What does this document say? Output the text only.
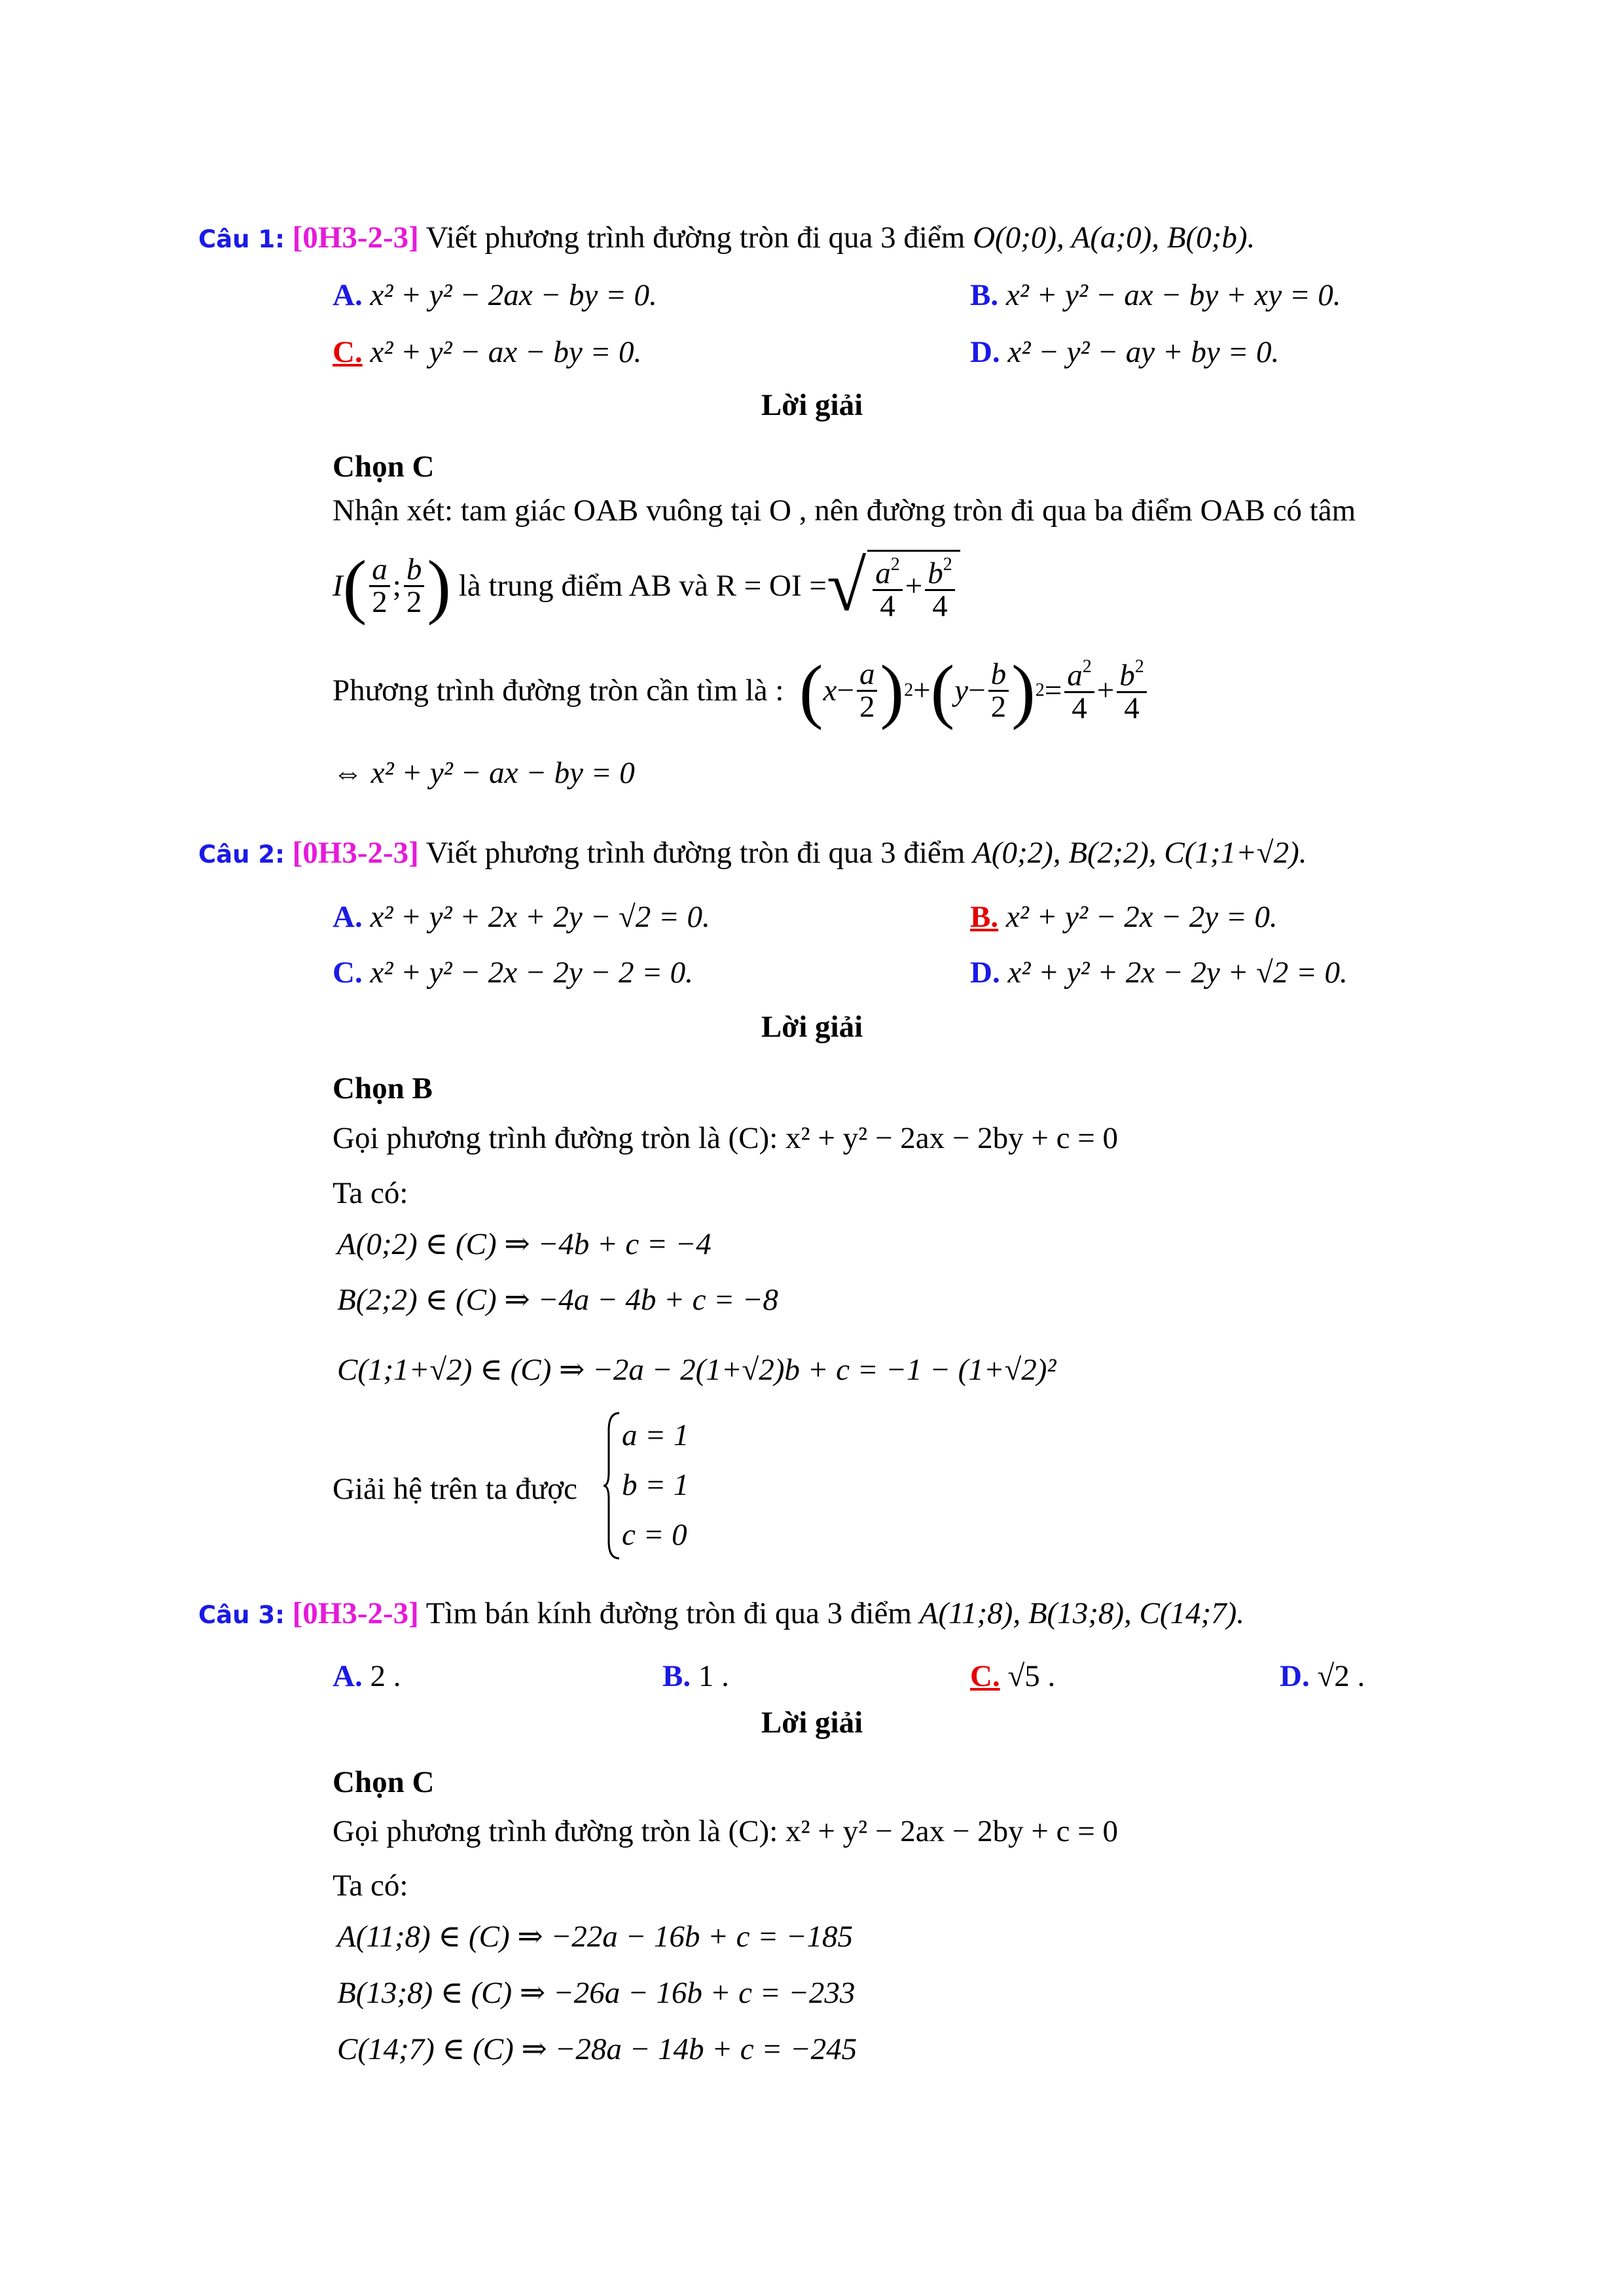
Câu 1: [0H3-2-3] Viết phương trình đường tròn đi qua 3 điểm O(0;0), A(a;0), B(0;b).
A. x² + y² − 2ax − by = 0.	B. x² + y² − ax − by + xy = 0.
C. x² + y² − ax − by = 0.	D. x² − y² − ay + by = 0.
Lời giải
Chọn C
Nhận xét: tam giác OAB vuông tại O , nên đường tròn đi qua ba điểm OAB có tâm
I ( $\frac{a}{2}$ ; $\frac{b}{2}$ )
là trung điểm AB và R = OI = √ $\frac{a^2}{4} + \frac{b^2}{4}$
Phương trình đường tròn cần tìm là :
( $x - \frac{a}{2}$ ) 2 + ( $y - \frac{b}{2}$ ) $2 = \frac{a^2}{4} + \frac{b^2}{4}$
⇔ x² + y² − ax − by = 0
Câu 2: [0H3-2-3] Viết phương trình đường tròn đi qua 3 điểm A(0;2), B(2;2), C(1;1+√2).
A. x² + y² + 2x + 2y − √2 = 0.	B. x² + y² − 2x − 2y = 0.
C. x² + y² − 2x − 2y − 2 = 0.	D. x² + y² + 2x − 2y + √2 = 0.
Lời giải
Chọn B
Gọi phương trình đường tròn là (C): x² + y² − 2ax − 2by + c = 0
Ta có:
A(0;2) ∈ (C) ⇒ −4b + c = −4
B(2;2) ∈ (C) ⇒ −4a − 4b + c = −8
C(1;1+√2) ∈ (C) ⇒ −2a − 2(1+√2)b + c = −1 − (1+√2)²
Giải hệ trên ta được
a = 1
b = 1
c = 0
Câu 3: [0H3-2-3] Tìm bán kính đường tròn đi qua 3 điểm A(11;8), B(13;8), C(14;7).
A. 2 .	B. 1 .	C. √5 .	D. √2 .
Lời giải
Chọn C
Gọi phương trình đường tròn là (C): x² + y² − 2ax − 2by + c = 0
Ta có:
A(11;8) ∈ (C) ⇒ −22a − 16b + c = −185
B(13;8) ∈ (C) ⇒ −26a − 16b + c = −233
C(14;7) ∈ (C) ⇒ −28a − 14b + c = −245
